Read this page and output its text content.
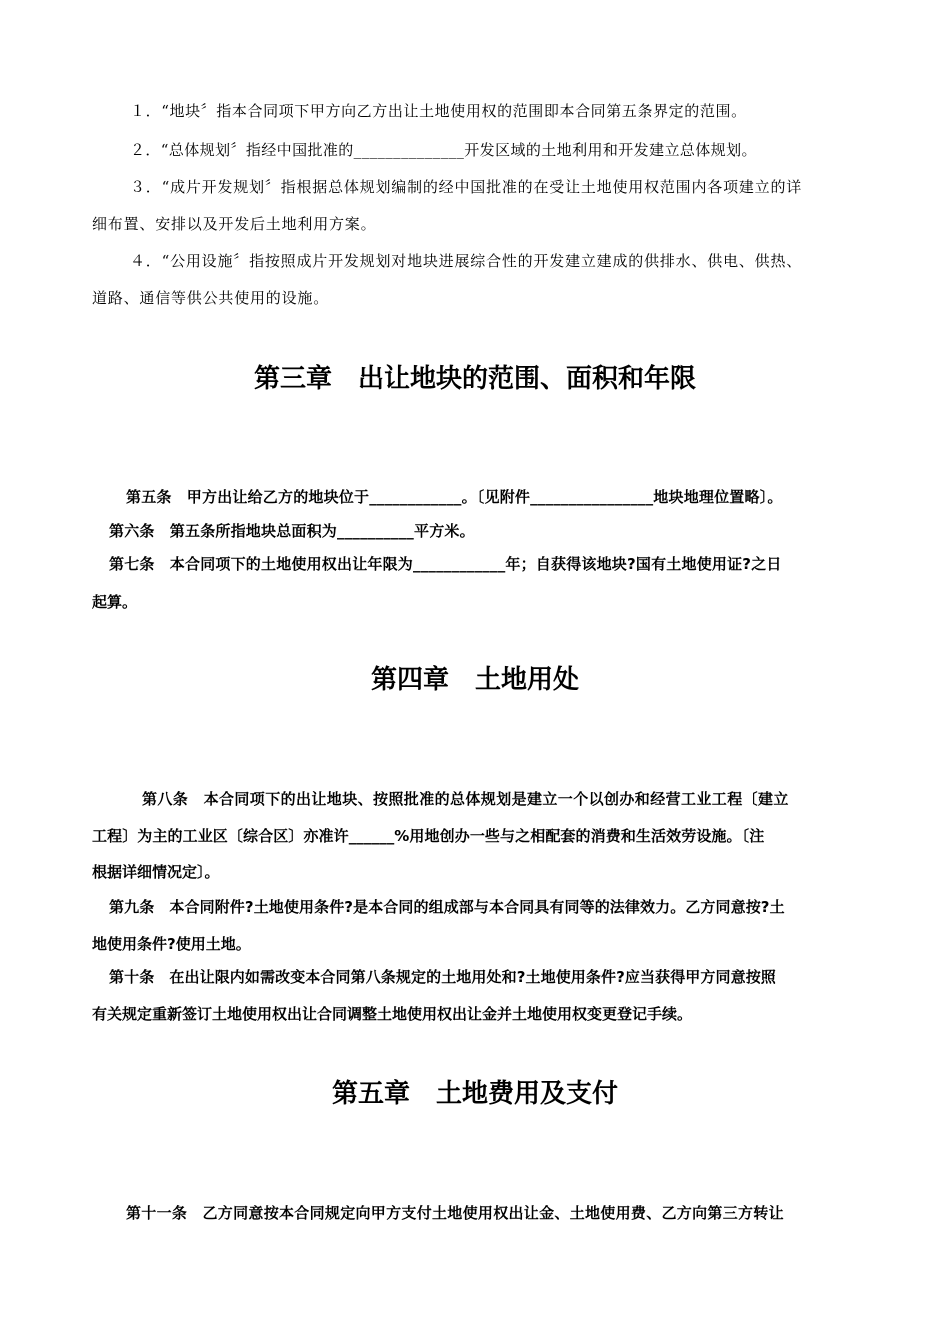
１．“地块〞指本合同项下甲方向乙方出让土地使用权的范围即本合同第五条界定的范围。
２．“总体规划〞指经中国批准的______________开发区域的土地利用和开发建立总体规划。
３．“成片开发规划〞指根据总体规划编制的经中国批准的在受让土地使用权范围内各项建立的详
细布置、安排以及开发后土地利用方案。
４．“公用设施〞指按照成片开发规划对地块进展综合性的开发建立建成的供排水、供电、供热、
道路、通信等供公共使用的设施。
第三章　出让地块的范围、面积和年限
第五条　甲方出让给乙方的地块位于____________。〔见附件________________地块地理位置略〕。
第六条　第五条所指地块总面积为__________平方米。
第七条　本合同项下的土地使用权出让年限为____________年；自获得该地块?国有土地使用证?之日
起算。
第四章　土地用处
第八条　本合同项下的出让地块、按照批准的总体规划是建立一个以创办和经营工业工程〔建立
工程〕为主的工业区〔综合区〕亦准许______%用地创办一些与之相配套的消费和生活效劳设施。〔注
根据详细情况定〕。
第九条　本合同附件?土地使用条件?是本合同的组成部与本合同具有同等的法律效力。乙方同意按?土
地使用条件?使用土地。
第十条　在出让限内如需改变本合同第八条规定的土地用处和?土地使用条件?应当获得甲方同意按照
有关规定重新签订土地使用权出让合同调整土地使用权出让金并土地使用权变更登记手续。
第五章　土地费用及支付
第十一条　乙方同意按本合同规定向甲方支付土地使用权出让金、土地使用费、乙方向第三方转让
